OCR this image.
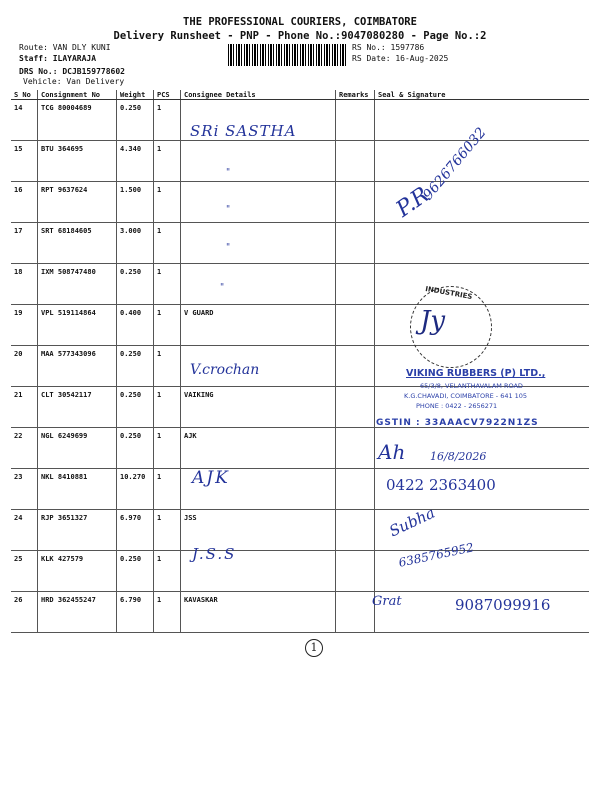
THE PROFESSIONAL COURIERS, COIMBATORE
Delivery Runsheet - PNP - Phone No.:9047080280 - Page No.:2
Route: VAN DLY KUNI
Staff: ILAYARAJA
DRS No.: DCJB159778602
Vehicle: Van Delivery
RS No.: 1597786
RS Date: 16-Aug-2025
S No	Consignment No	Weight	PCS	Consignee Details	Remarks	Seal & Signature
14	TCG 80004689	0.250	1			
15	BTU 364695	4.340	1			
16	RPT 9637624	1.500	1			
17	SRT 68184605	3.000	1			
18	IXM 508747480	0.250	1			
19	VPL 519114864	0.400	1	V GUARD		
20	MAA 577343096	0.250	1			
21	CLT 30542117	0.250	1	VAIKING		
22	NGL 6249699	0.250	1	AJK		
23	NKL 8410881	10.270	1			
24	RJP 3651327	6.970	1	JSS		
25	KLK 427579	0.250	1			
26	HRD 362455247	6.790	1	KAVASKAR		
SRi SASTHA
"
"
"
"
V.crochan
AJK
J.S.S
9626766032
P.R
INDUSTRIES
Jy
VIKING RUBBERS (P) LTD.,
65/3/8, VELANTHAVALAM ROAD
K.G.CHAVADI, COIMBATORE - 641 105
PHONE : 0422 - 2656271
GSTIN : 33AAACV7922N1ZS
Ah 16/8/2026
0422 2363400
Subha
6385765952
Grat	9087099916
1
